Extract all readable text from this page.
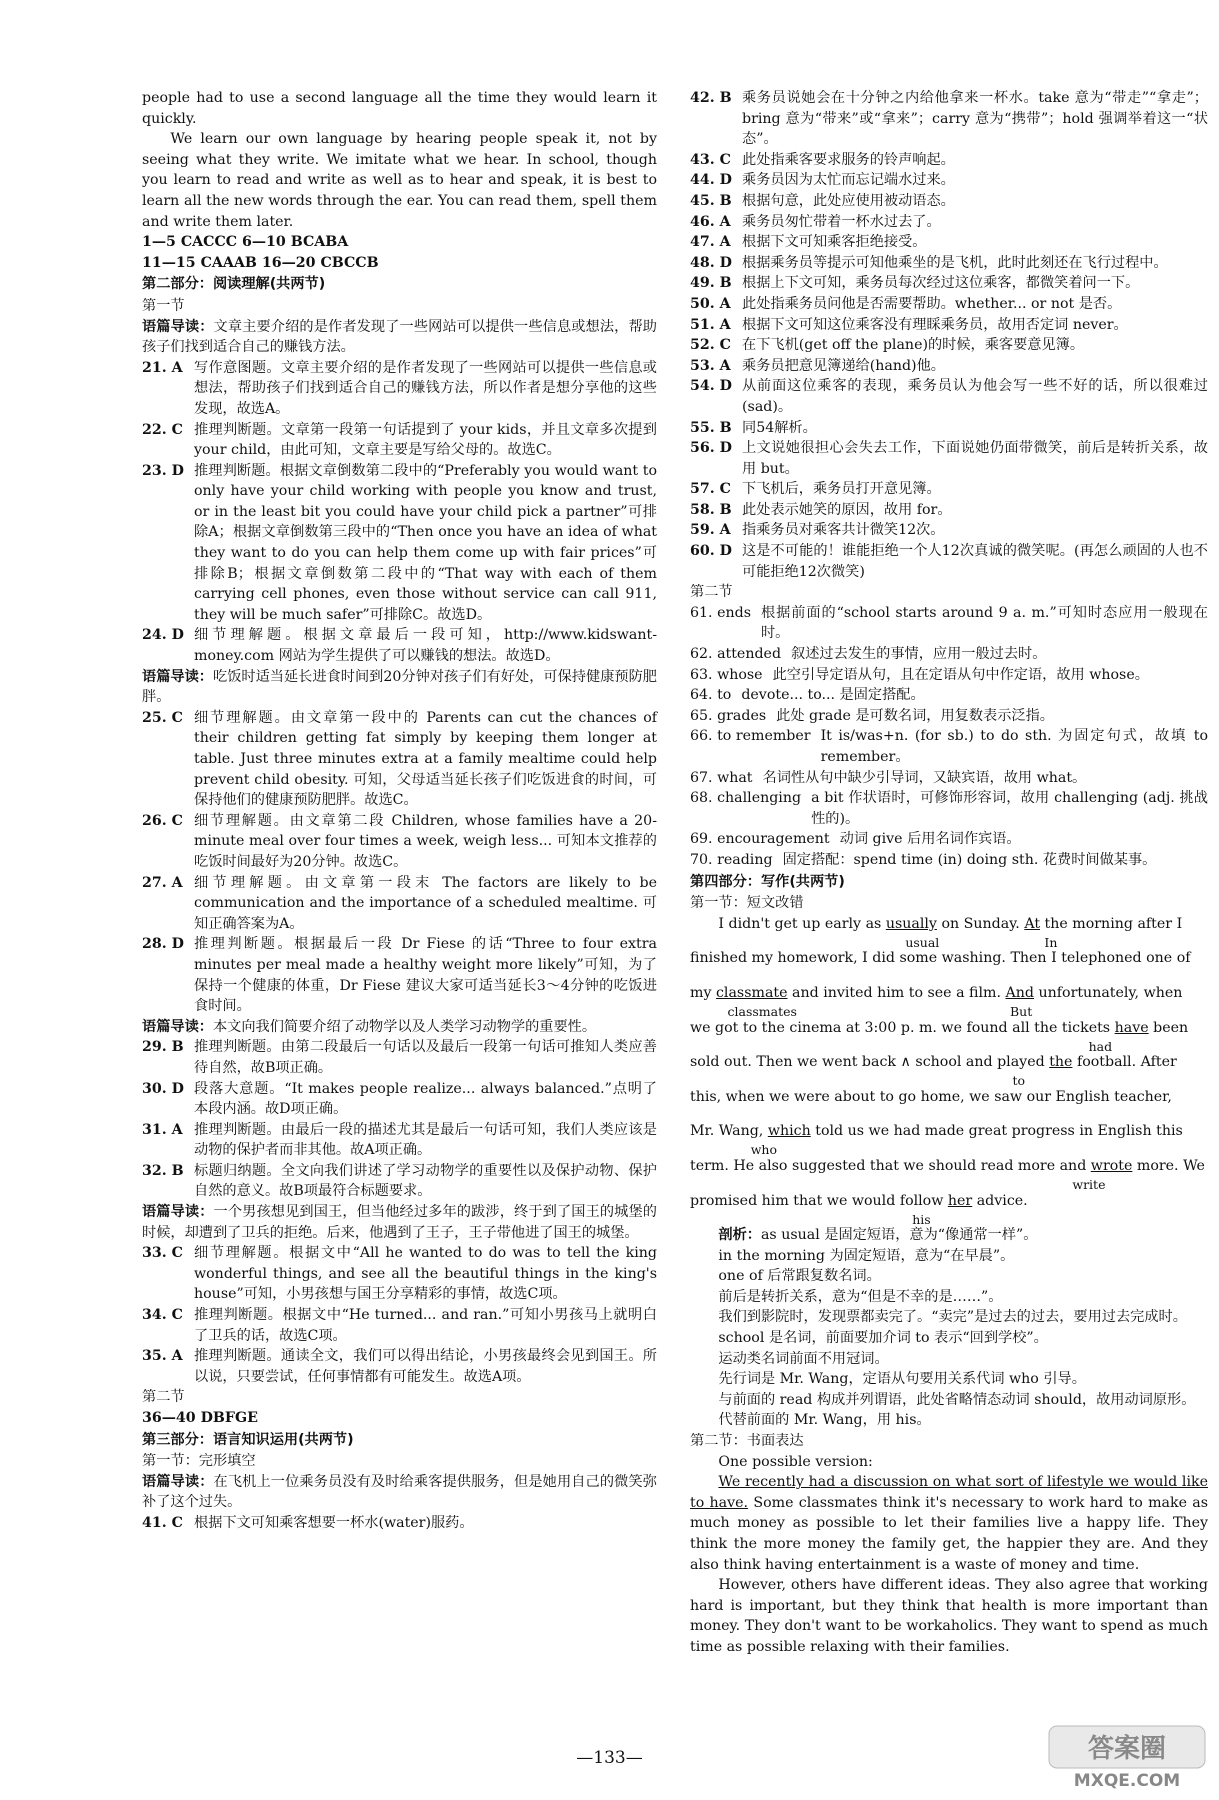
people had to use a second language all the time they would learn it quickly.

We learn our own language by hearing people speak it, not by seeing what they write. We imitate what we hear. In school, though you learn to read and write as well as to hear and speak, it is best to learn all the new words through the ear. You can read them, spell them and write them later.

1—5 CACCC 6—10 BCABA

11—15 CAAAB 16—20 CBCCB

第二部分：阅读理解(共两节)

第一节

语篇导读：文章主要介绍的是作者发现了一些网站可以提供一些信息或想法，帮助孩子们找到适合自己的赚钱方法。

21. A 写作意图题。文章主要介绍的是作者发现了一些网站可以提供一些信息或想法，帮助孩子们找到适合自己的赚钱方法，所以作者是想分享他的这些发现，故选A。
22. C 推理判断题。文章第一段第一句话提到了 your kids，并且文章多次提到 your child，由此可知，文章主要是写给父母的。故选C。
23. D 推理判断题。根据文章倒数第二段中的“Preferably you would want to only have your child working with people you know and trust, or in the least bit you could have your child pick a partner”可排除A；根据文章倒数第三段中的“Then once you have an idea of what they want to do you can help them come up with fair prices”可排除B；根据文章倒数第二段中的“That way with each of them carrying cell phones, even those without service can call 911, they will be much safer”可排除C。故选D。
24. D 细节理解题。根据文章最后一段可知，http://www.kidswant-money.com 网站为学生提供了可以赚钱的想法。故选D。

语篇导读：吃饭时适当延长进食时间到20分钟对孩子们有好处，可保持健康预防肥胖。

25. C 细节理解题。由文章第一段中的 Parents can cut the chances of their children getting fat simply by keeping them longer at table. Just three minutes extra at a family mealtime could help prevent child obesity. 可知，父母适当延长孩子们吃饭进食的时间，可保持他们的健康预防肥胖。故选C。
26. C 细节理解题。由文章第二段 Children, whose families have a 20-minute meal over four times a week, weigh less... 可知本文推荐的吃饭时间最好为20分钟。故选C。
27. A 细节理解题。由文章第一段末 The factors are likely to be communication and the importance of a scheduled mealtime. 可知正确答案为A。
28. D 推理判断题。根据最后一段 Dr Fiese 的话“Three to four extra minutes per meal made a healthy weight more likely”可知，为了保持一个健康的体重，Dr Fiese 建议大家可适当延长3～4分钟的吃饭进食时间。

语篇导读：本文向我们简要介绍了动物学以及人类学习动物学的重要性。

29. B 推理判断题。由第二段最后一句话以及最后一段第一句话可推知人类应善待自然，故B项正确。
30. D 段落大意题。“It makes people realize... always balanced.”点明了本段内涵。故D项正确。
31. A 推理判断题。由最后一段的描述尤其是最后一句话可知，我们人类应该是动物的保护者而非其他。故A项正确。
32. B 标题归纳题。全文向我们讲述了学习动物学的重要性以及保护动物、保护自然的意义。故B项最符合标题要求。

语篇导读：一个男孩想见到国王，但当他经过多年的跋涉，终于到了国王的城堡的时候，却遭到了卫兵的拒绝。后来，他遇到了王子，王子带他进了国王的城堡。

33. C 细节理解题。根据文中“All he wanted to do was to tell the king wonderful things, and see all the beautiful things in the king's house”可知，小男孩想与国王分享精彩的事情，故选C项。
34. C 推理判断题。根据文中“He turned... and ran.”可知小男孩马上就明白了卫兵的话，故选C项。
35. A 推理判断题。通读全文，我们可以得出结论，小男孩最终会见到国王。所以说，只要尝试，任何事情都有可能发生。故选A项。

第二节

36—40 DBFGE

第三部分：语言知识运用(共两节)

第一节：完形填空

语篇导读：在飞机上一位乘务员没有及时给乘客提供服务，但是她用自己的微笑弥补了这个过失。

41. C 根据下文可知乘客想要一杯水(water)服药。
42. B 乘务员说她会在十分钟之内给他拿来一杯水。take 意为“带走”“拿走”；bring 意为“带来”或“拿来”；carry 意为“携带”；hold 强调举着这一“状态”。
43. C 此处指乘客要求服务的铃声响起。
44. D 乘务员因为太忙而忘记端水过来。
45. B 根据句意，此处应使用被动语态。
46. A 乘务员匆忙带着一杯水过去了。
47. A 根据下文可知乘客拒绝接受。
48. D 根据乘务员等提示可知他乘坐的是飞机，此时此刻还在飞行过程中。
49. B 根据上下文可知，乘务员每次经过这位乘客，都微笑着问一下。
50. A 此处指乘务员问他是否需要帮助。whether... or not 是否。
51. A 根据下文可知这位乘客没有理睬乘务员，故用否定词 never。
52. C 在下飞机(get off the plane)的时候，乘客要意见簿。
53. A 乘务员把意见簿递给(hand)他。
54. D 从前面这位乘客的表现，乘务员认为他会写一些不好的话，所以很难过(sad)。
55. B 同54解析。
56. D 上文说她很担心会失去工作，下面说她仍面带微笑，前后是转折关系，故用 but。
57. C 下飞机后，乘务员打开意见簿。
58. B 此处表示她笑的原因，故用 for。
59. A 指乘务员对乘客共计微笑12次。
60. D 这是不可能的！谁能拒绝一个人12次真诚的微笑呢。(再怎么顽固的人也不可能拒绝12次微笑)

第二节

61. ends 根据前面的“school starts around 9 a. m.”可知时态应用一般现在时。
62. attended 叙述过去发生的事情，应用一般过去时。
63. whose 此空引导定语从句，且在定语从句中作定语，故用 whose。
64. to devote... to... 是固定搭配。
65. grades 此处 grade 是可数名词，用复数表示泛指。
66. to remember It is/was+n. (for sb.) to do sth. 为固定句式，故填 to remember。
67. what 名词性从句中缺少引导词，又缺宾语，故用 what。
68. challenging a bit 作状语时，可修饰形容词，故用 challenging (adj. 挑战性的)。
69. encouragement 动词 give 后用名词作宾语。
70. reading 固定搭配：spend time (in) doing sth. 花费时间做某事。

第四部分：写作(共两节)

第一节：短文改错

I didn't get up early as usually
usual
on Sunday. At
In
the morning after I

finished my homework, I did some washing. Then I telephoned one of

my classmate
classmates
and invited him to see a film. And
But
unfortunately, when

we got to the cinema at 3:00 p. m. we found all the tickets have
had
been

sold out. Then we went back ∧ school and played the
to
football. After

this, when we were about to go home, we saw our English teacher,

Mr. Wang, which
who
told us we had made great progress in English this

term. He also suggested that we should read more and wrote
write
more. We

promised him that we would follow her
his
advice.

剖析：as usual 是固定短语，意为“像通常一样”。

in the morning 为固定短语，意为“在早晨”。

one of 后常跟复数名词。

前后是转折关系，意为“但是不幸的是……”。

我们到影院时，发现票都卖完了。“卖完”是过去的过去，要用过去完成时。

school 是名词，前面要加介词 to 表示“回到学校”。

运动类名词前面不用冠词。

先行词是 Mr. Wang，定语从句要用关系代词 who 引导。

与前面的 read 构成并列谓语，此处省略情态动词 should，故用动词原形。

代替前面的 Mr. Wang，用 his。

第二节：书面表达

One possible version:

We recently had a discussion on what sort of lifestyle we would like to have. Some classmates think it's necessary to work hard to make as much money as possible to let their families live a happy life. They think the more money the family get, the happier they are. And they also think having entertainment is a waste of money and time.

However, others have different ideas. They also agree that working hard is important, but they think that health is more important than money. They don't want to be workaholics. They want to spend as much time as possible relaxing with their families.

—133—	答案圈
MXQE.COM
